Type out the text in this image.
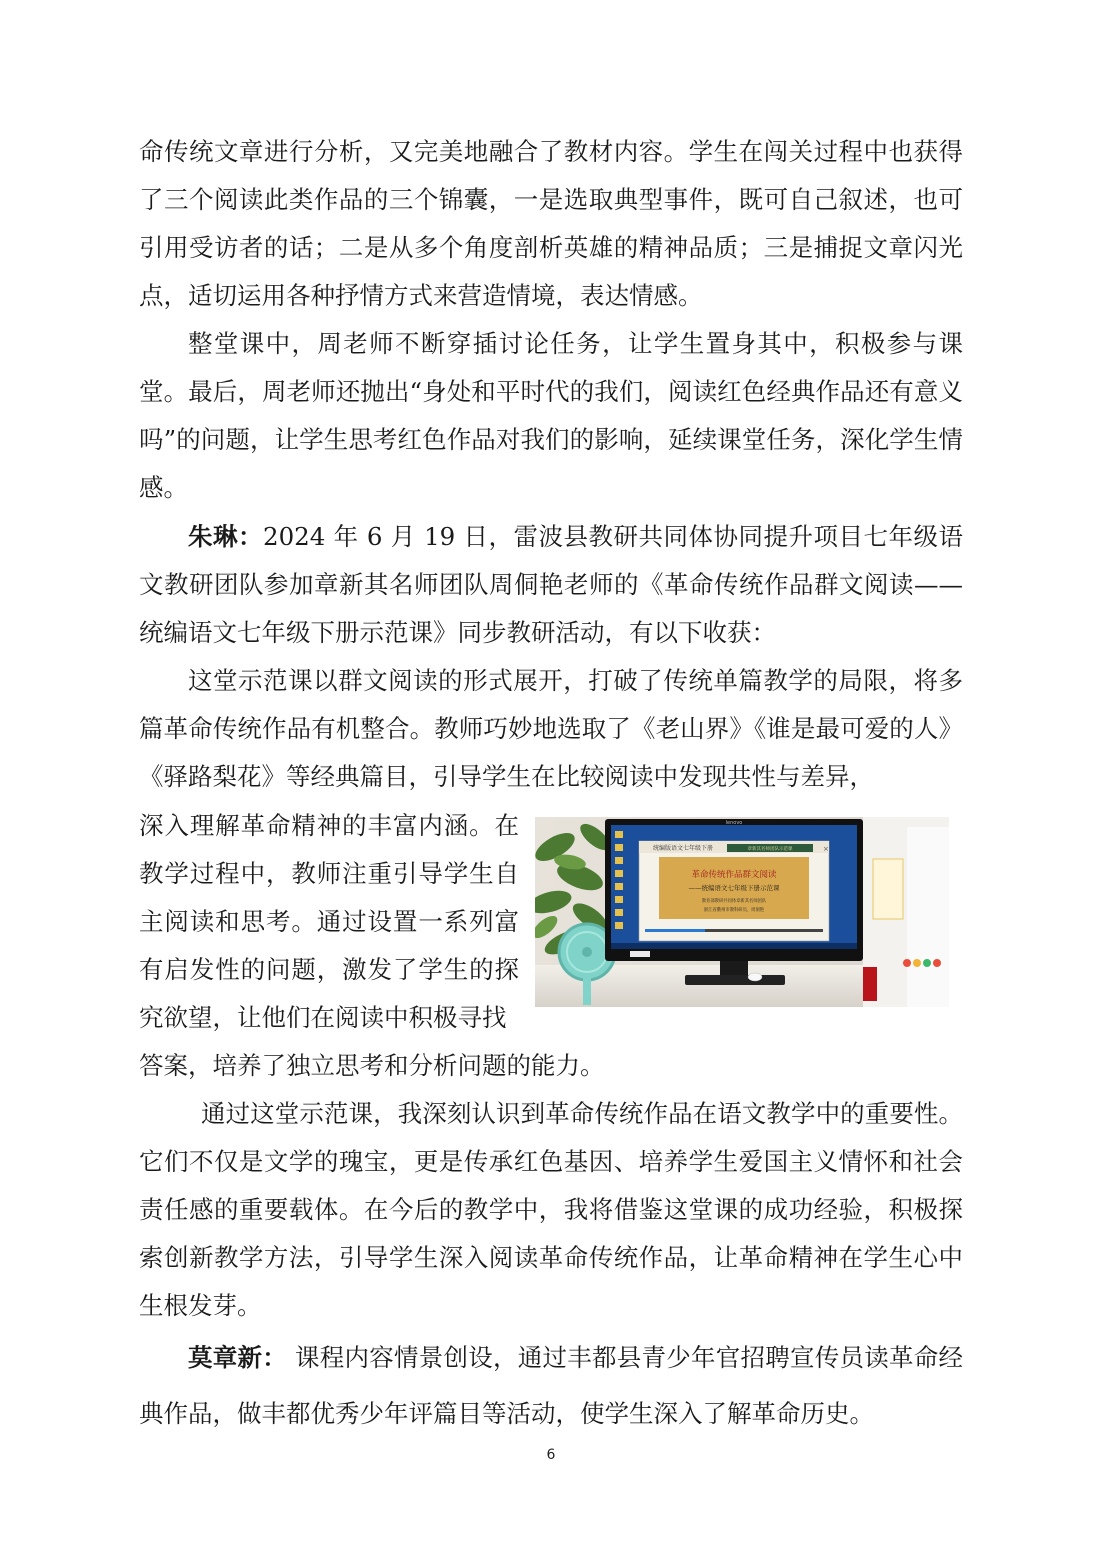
命传统文章进行分析，又完美地融合了教材内容。学生在闯关过程中也获得了三个阅读此类作品的三个锦囊，一是选取典型事件，既可自己叙述，也可引用受访者的话；二是从多个角度剖析英雄的精神品质；三是捕捉文章闪光点，适切运用各种抒情方式来营造情境，表达情感。

整堂课中，周老师不断穿插讨论任务，让学生置身其中，积极参与课堂。最后，周老师还抛出“身处和平时代的我们，阅读红色经典作品还有意义吗”的问题，让学生思考红色作品对我们的影响，延续课堂任务，深化学生情感。

朱琳：2024 年 6 月 19 日，雷波县教研共同体协同提升项目七年级语文教研团队参加章新其名师团队周侗艳老师的《革命传统作品群文阅读——统编语文七年级下册示范课》同步教研活动，有以下收获：

这堂示范课以群文阅读的形式展开，打破了传统单篇教学的局限，将多篇革命传统作品有机整合。教师巧妙地选取了《老山界》《谁是最可爱的人》《驿路梨花》等经典篇目，引导学生在比较阅读中发现共性与差异，

深入理解革命精神的丰富内涵。在教学过程中，教师注重引导学生自主阅读和思考。通过设置一系列富有启发性的问题，激发了学生的探究欲望，让他们在阅读中积极寻找

答案，培养了独立思考和分析问题的能力。

通过这堂示范课，我深刻认识到革命传统作品在语文教学中的重要性。它们不仅是文学的瑰宝，更是传承红色基因、培养学生爱国主义情怀和社会责任感的重要载体。在今后的教学中，我将借鉴这堂课的成功经验，积极探索创新教学方法，引导学生深入阅读革命传统作品，让革命精神在学生心中生根发芽。

莫章新： 课程内容情景创设，通过丰都县青少年官招聘宣传员读革命经典作品，做丰都优秀少年评篇目等活动，使学生深入了解革命历史。

lenovo
统编版语文七年级下册	章新其名师团队示范课	×
革命传统作品群文阅读
——统编语文七年级下册示范课
教育部教研共同体章新其名师团队
浙江省衢州市教科研员、周侗艳
6
